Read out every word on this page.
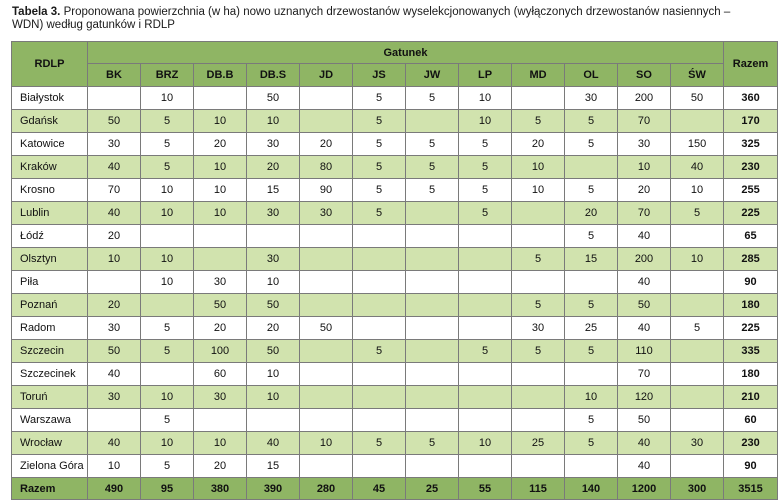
Tabela 3. Proponowana powierzchnia (w ha) nowo uznanych drzewostanów wyselekcjonowanych (wyłączonych drzewostanów nasiennych – WDN) według gatunków i RDLP
RDLP	Gatunek												Razem
	BK	BRZ	DB.B	DB.S	JD	JS	JW	LP	MD	OL	SO	ŚW	
Białystok		10		50		5	5	10		30	200	50	360
Gdańsk	50	5	10	10		5		10	5	5	70		170
Katowice	30	5	20	30	20	5	5	5	20	5	30	150	325
Kraków	40	5	10	20	80	5	5	5	10		10	40	230
Krosno	70	10	10	15	90	5	5	5	10	5	20	10	255
Lublin	40	10	10	30	30	5		5		20	70	5	225
Łódź	20									5	40		65
Olsztyn	10	10		30					5	15	200	10	285
Piła		10	30	10							40		90
Poznań	20		50	50					5	5	50		180
Radom	30	5	20	20	50				30	25	40	5	225
Szczecin	50	5	100	50		5		5	5	5	110		335
Szczecinek	40		60	10							70		180
Toruń	30	10	30	10						10	120		210
Warszawa		5								5	50		60
Wrocław	40	10	10	40	10	5	5	10	25	5	40	30	230
Zielona Góra	10	5	20	15							40		90
Razem	490	95	380	390	280	45	25	55	115	140	1200	300	3515
